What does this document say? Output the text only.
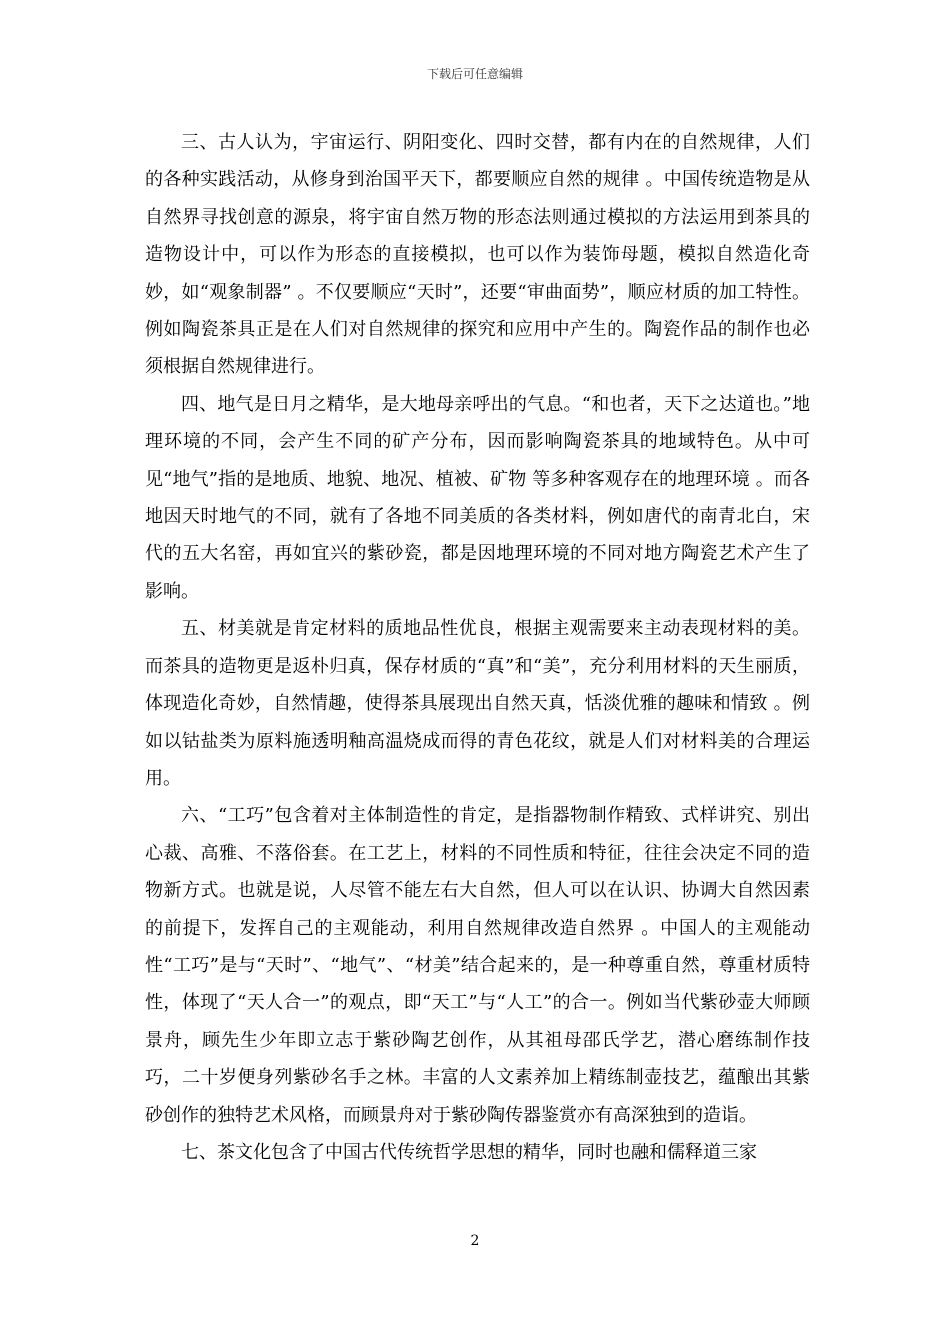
下载后可任意编辑

三、古人认为，宇宙运行、阴阳变化、四时交替，都有内在的自然规律，人们的各种实践活动，从修身到治国平天下，都要顺应自然的规律 。中国传统造物是从自然界寻找创意的源泉，将宇宙自然万物的形态法则通过模拟的方法运用到茶具的造物设计中，可以作为形态的直接模拟，也可以作为装饰母题，模拟自然造化奇妙，如“观象制器” 。不仅要顺应“天时”，还要“审曲面势”，顺应材质的加工特性。例如陶瓷茶具正是在人们对自然规律的探究和应用中产生的。陶瓷作品的制作也必须根据自然规律进行。

四、地气是日月之精华，是大地母亲呼出的气息。“和也者，天下之达道也。”地理环境的不同，会产生不同的矿产分布，因而影响陶瓷茶具的地域特色。从中可见“地气”指的是地质、地貌、地况、植被、矿物 等多种客观存在的地理环境 。而各地因天时地气的不同，就有了各地不同美质的各类材料，例如唐代的南青北白，宋代的五大名窑，再如宜兴的紫砂瓷，都是因地理环境的不同对地方陶瓷艺术产生了影响。

五、材美就是肯定材料的质地品性优良，根据主观需要来主动表现材料的美。而茶具的造物更是返朴归真，保存材质的“真”和“美”，充分利用材料的天生丽质，体现造化奇妙，自然情趣，使得茶具展现出自然天真，恬淡优雅的趣味和情致 。例如以钴盐类为原料施透明釉高温烧成而得的青色花纹，就是人们对材料美的合理运用。

六、“工巧”包含着对主体制造性的肯定，是指器物制作精致、式样讲究、别出心裁、高雅、不落俗套。在工艺上，材料的不同性质和特征，往往会决定不同的造物新方式。也就是说，人尽管不能左右大自然，但人可以在认识、协调大自然因素的前提下，发挥自己的主观能动，利用自然规律改造自然界 。中国人的主观能动性“工巧”是与“天时”、“地气”、“材美”结合起来的，是一种尊重自然，尊重材质特性，体现了“天人合一”的观点，即“天工”与“人工”的合一。例如当代紫砂壶大师顾景舟，顾先生少年即立志于紫砂陶艺创作，从其祖母邵氏学艺，潜心磨练制作技巧，二十岁便身列紫砂名手之林。丰富的人文素养加上精练制壶技艺，蕴酿出其紫砂创作的独特艺术风格，而顾景舟对于紫砂陶传器鉴赏亦有高深独到的造诣。

七、茶文化包含了中国古代传统哲学思想的精华，同时也融和儒释道三家

2
